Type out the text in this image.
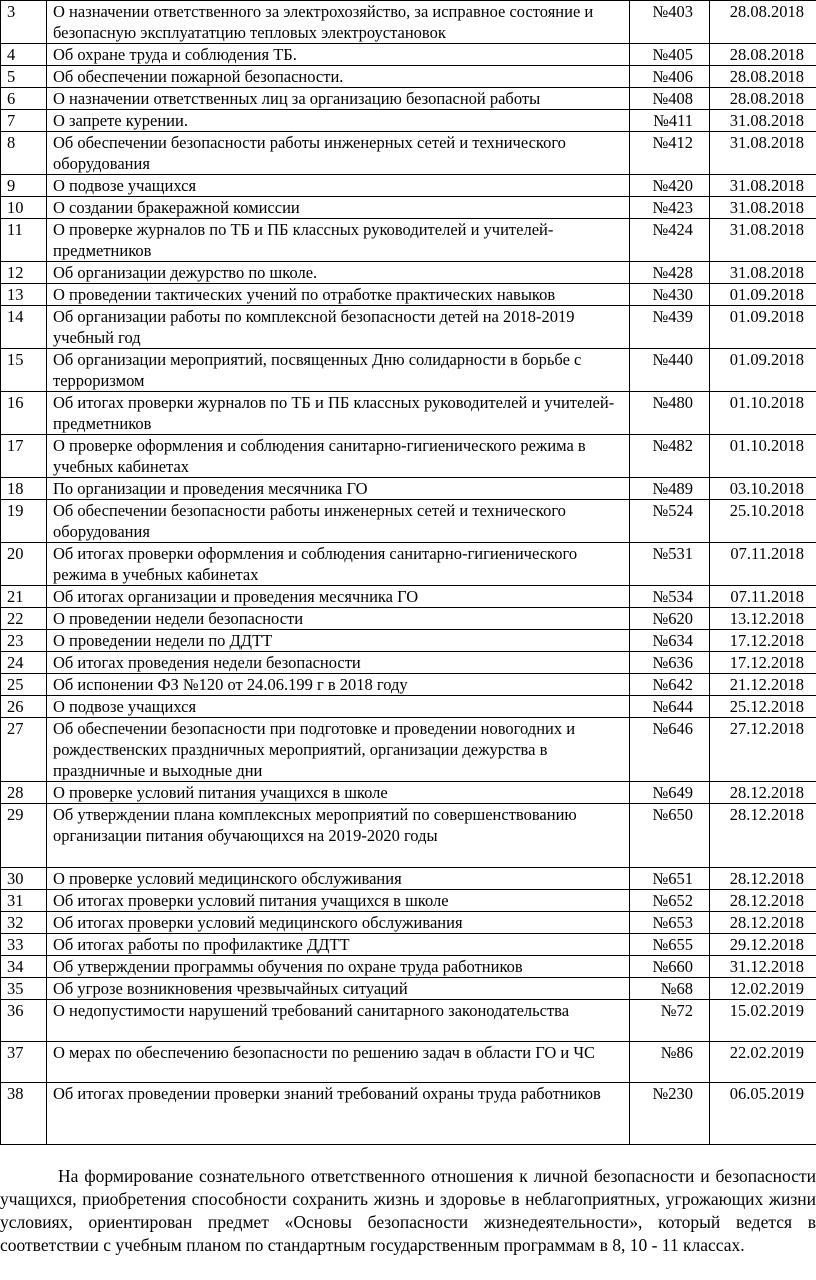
3	О назначении ответственного за электрохозяйство, за исправное состояние и безопасную эксплуататцию тепловых электроустановок	№403	28.08.2018
4	Об охране труда и соблюдения ТБ.	№405	28.08.2018
5	Об обеспечении пожарной безопасности.	№406	28.08.2018
6	О назначении ответственных лиц за организацию безопасной работы	№408	28.08.2018
7	О запрете курении.	№411	31.08.2018
8	Об обеспечении безопасности работы инженерных сетей и технического оборудования	№412	31.08.2018
9	О подвозе учащихся	№420	31.08.2018
10	О создании бракеражной комиссии	№423	31.08.2018
11	О проверке журналов по ТБ и ПБ классных руководителей и учителей-предметников	№424	31.08.2018
12	Об организации дежурство по школе.	№428	31.08.2018
13	О проведении тактических учений по отработке практических навыков	№430	01.09.2018
14	Об организации работы по комплексной безопасности детей на 2018-2019 учебный год	№439	01.09.2018
15	Об организации мероприятий, посвященных Дню солидарности в борьбе с терроризмом	№440	01.09.2018
16	Об итогах проверки журналов по ТБ и ПБ классных руководителей и учителей-предметников	№480	01.10.2018
17	О проверке оформления и соблюдения санитарно-гигиенического режима в учебных кабинетах	№482	01.10.2018
18	По организации и проведения месячника ГО	№489	03.10.2018
19	Об обеспечении безопасности работы инженерных сетей и технического оборудования	№524	25.10.2018
20	Об итогах проверки оформления и соблюдения санитарно-гигиенического режима в учебных кабинетах	№531	07.11.2018
21	Об итогах организации и проведения месячника ГО	№534	07.11.2018
22	О проведении недели безопасности	№620	13.12.2018
23	О проведении недели по ДДТТ	№634	17.12.2018
24	Об итогах проведения недели безопасности	№636	17.12.2018
25	Об испонении ФЗ №120 от 24.06.199 г в 2018 году	№642	21.12.2018
26	О подвозе учащихся	№644	25.12.2018
27	Об обеспечении безопасности при подготовке и проведении новогодних и рождественских праздничных мероприятий, организации дежурства в праздничные и выходные дни	№646	27.12.2018
28	О проверке условий питания учащихся в школе	№649	28.12.2018
29	Об утверждении плана комплексных мероприятий по совершенствованию организации питания обучающихся на 2019-2020 годы	№650	28.12.2018
30	О проверке условий медицинского обслуживания	№651	28.12.2018
31	Об итогах проверки условий питания учащихся в школе	№652	28.12.2018
32	Об итогах проверки условий медицинского обслуживания	№653	28.12.2018
33	Об итогах работы по профилактике ДДТТ	№655	29.12.2018
34	Об утверждении программы обучения по охране труда работников	№660	31.12.2018
35	Об угрозе возникновения чрезвычайных ситуаций	№68	12.02.2019
36	О недопустимости нарушений требований санитарного законодательства	№72	15.02.2019
37	О мерах по обеспечению безопасности по решению задач в области ГО и ЧС	№86	22.02.2019
38	Об итогах проведении проверки знаний требований охраны труда работников	№230	06.05.2019

На формирование сознательного ответственного отношения к личной безопасности и безопасности учащихся, приобретения способности сохранить жизнь и здоровье в неблагоприятных, угрожающих жизни условиях, ориентирован предмет «Основы безопасности жизнедеятельности», который ведется в соответствии с учебным планом по стандартным государственным программам в 8, 10 - 11 классах.
